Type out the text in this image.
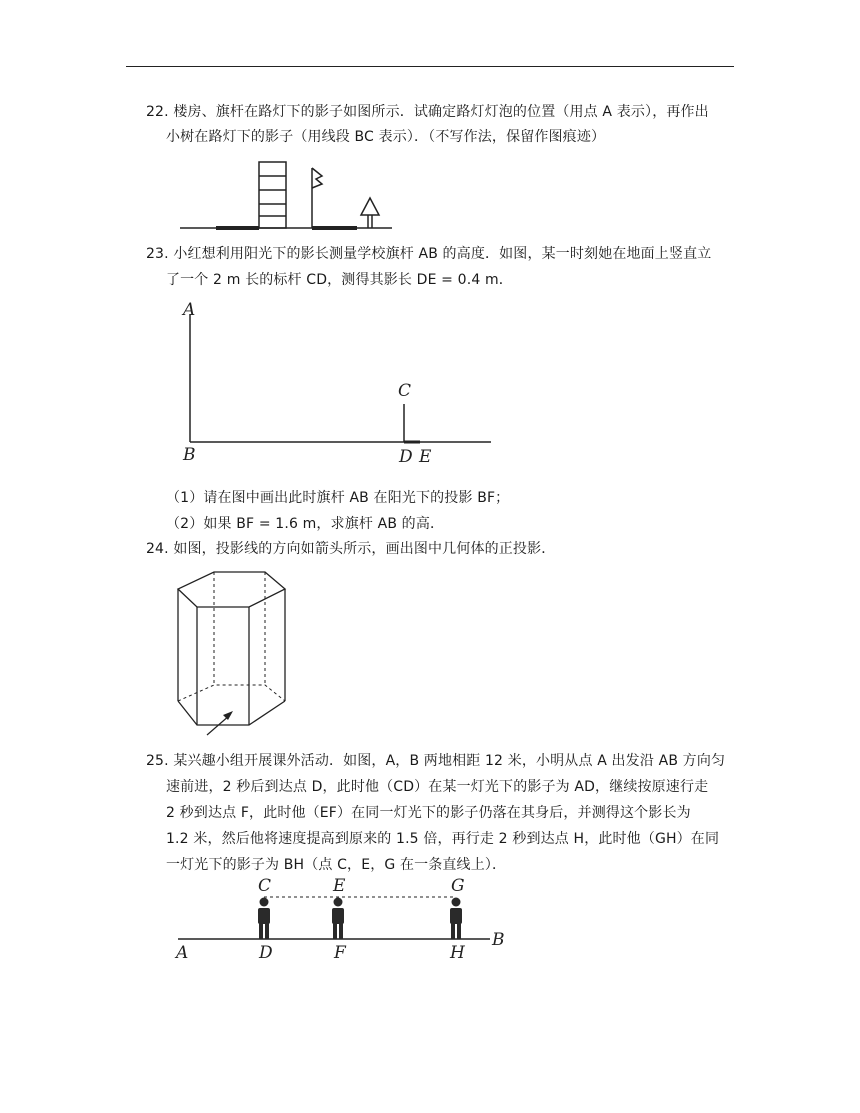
22. 楼房、旗杆在路灯下的影子如图所示．试确定路灯灯泡的位置（用点 A 表示），再作出
小树在路灯下的影子（用线段 BC 表示）．（不写作法，保留作图痕迹）
23. 小红想利用阳光下的影长测量学校旗杆 AB 的高度．如图，某一时刻她在地面上竖直立
了一个 2 m 长的标杆 CD，测得其影长 DE = 0.4 m．
A
B
C
D E
（1）请在图中画出此时旗杆 AB 在阳光下的投影 BF；
（2）如果 BF = 1.6 m，求旗杆 AB 的高．
24. 如图，投影线的方向如箭头所示，画出图中几何体的正投影．
25. 某兴趣小组开展课外活动．如图，A，B 两地相距 12 米，小明从点 A 出发沿 AB 方向匀
速前进，2 秒后到达点 D，此时他（CD）在某一灯光下的影子为 AD，继续按原速行走
2 秒到达点 F，此时他（EF）在同一灯光下的影子仍落在其身后，并测得这个影长为
1.2 米，然后他将速度提高到原来的 1.5 倍，再行走 2 秒到达点 H，此时他（GH）在同
一灯光下的影子为 BH（点 C，E，G 在一条直线上）．
A
C	E	G
D	F	H
B
